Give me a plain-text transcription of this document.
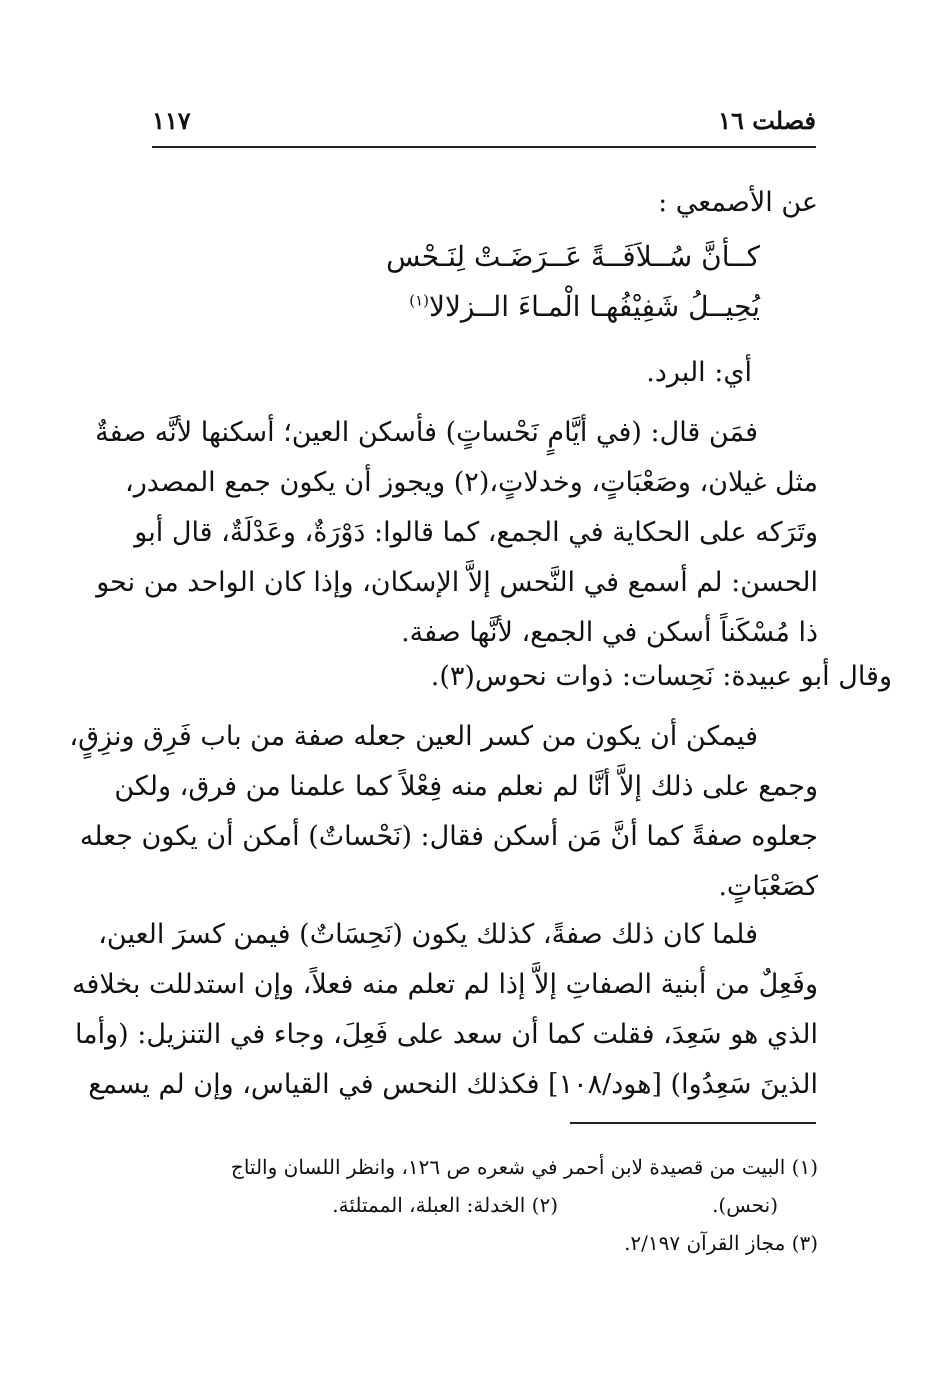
فصلت ١٦
١١٧
عن الأصمعي :
كــأنَّ سُــلاَفَــةً عَــرَضَـتْ لِنَـحْس
يُحِيــلُ شَفِيْفُهـا الْمـاءَ الــزلالا$^{(١)}$
أي: البرد.
فمَن قال: (في أيَّامٍ نَحْساتٍ) فأسكن العين؛ أسكنها لأنَّه صفةٌ
مثل غيلان، وصَعْبَاتٍ، وخدلاتٍ،(٢) ويجوز أن يكون جمع المصدر،
وتَرَكه على الحكاية في الجمع، كما قالوا: دَوْرَةٌ، وعَدْلَةٌ، قال أبو
الحسن: لم أسمع في النَّحس إلاَّ الإسكان، وإذا كان الواحد من نحو
ذا مُسْكَناً أسكن في الجمع، لأنَّها صفة.
وقال أبو عبيدة: نَحِسات: ذوات نحوس(٣).
فيمكن أن يكون من كسر العين جعله صفة من باب فَرِق ونزِقٍ،
وجمع على ذلك إلاَّ أنَّا لم نعلم منه فِعْلاً كما علمنا من فرق، ولكن
جعلوه صفةً كما أنَّ مَن أسكن فقال: (نَحْساتٌ) أمكن أن يكون جعله
كصَعْبَاتٍ.
فلما كان ذلك صفةً، كذلك يكون (نَحِسَاتٌ) فيمن كسرَ العين،
وفَعِلٌ من أبنية الصفاتِ إلاَّ إذا لم تعلم منه فعلاً، وإن استدللت بخلافه
الذي هو سَعِدَ، فقلت كما أن سعد على فَعِلَ، وجاء في التنزيل: (وأما
الذينَ سَعِدُوا) [هود/١٠٨] فكذلك النحس في القياس، وإن لم يسمع
(١) البيت من قصيدة لابن أحمر في شعره ص ١٢٦، وانظر اللسان والتاج
(نحس).
(٢) الخدلة: العبلة، الممتلئة.
(٣) مجاز القرآن ٢/١٩٧.
